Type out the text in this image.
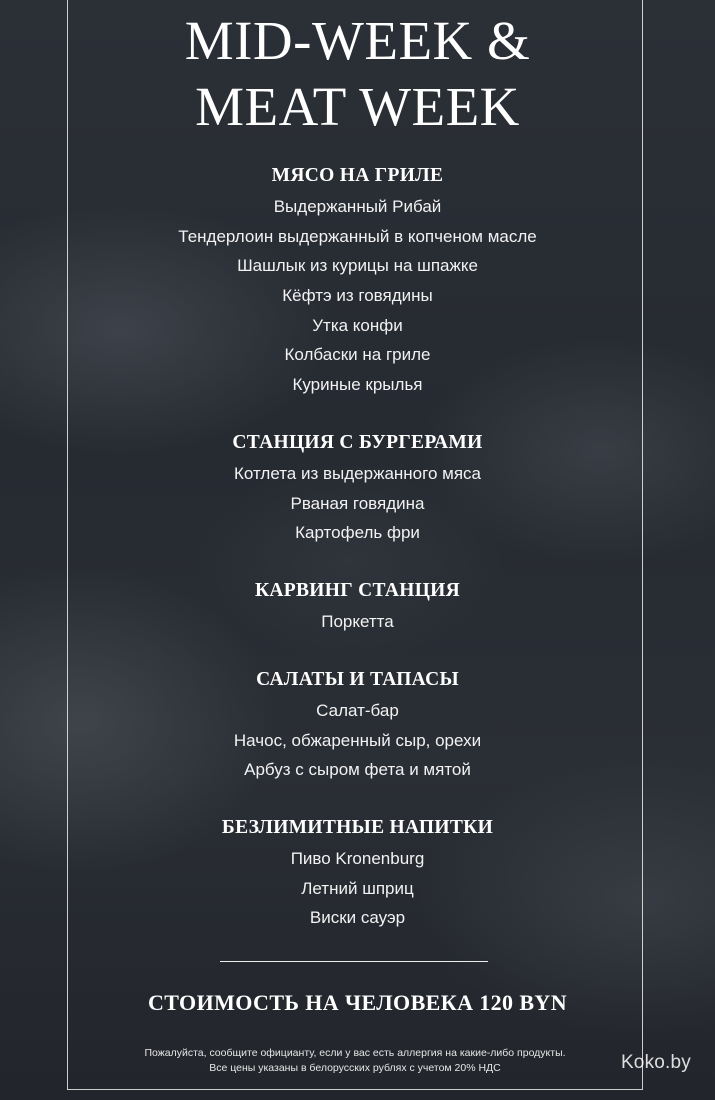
MID-WEEK &
MEAT WEEK
МЯСО НА ГРИЛЕ
Выдержанный Рибай
Тендерлоин выдержанный в копченом масле
Шашлык из курицы на шпажке
Кёфтэ из говядины
Утка конфи
Колбаски на гриле
Куриные крылья
СТАНЦИЯ С БУРГЕРАМИ
Котлета из выдержанного мяса
Рваная говядина
Картофель фри
КАРВИНГ СТАНЦИЯ
Поркетта
САЛАТЫ И ТАПАСЫ
Салат-бар
Начос, обжаренный сыр, орехи
Арбуз с сыром фета и мятой
БЕЗЛИМИТНЫЕ НАПИТКИ
Пиво Kronenburg
Летний шприц
Виски сауэр

СТОИМОСТЬ НА ЧЕЛОВЕКА 120 BYN

Пожалуйста, сообщите официанту, если у вас есть аллергия на какие-либо продукты.
Все цены указаны в белорусских рублях с учетом 20% НДС	Koko.by
